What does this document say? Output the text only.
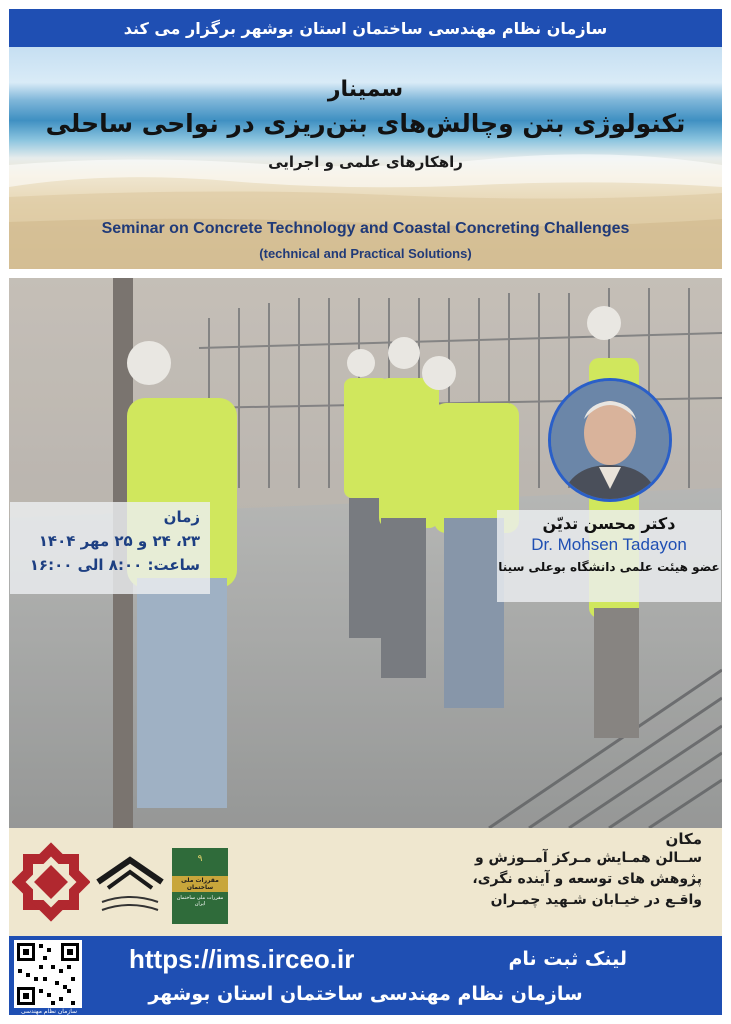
سازمان نظام مهندسی ساختمان استان بوشهر برگزار می کند
سمینار
تکنولوژی بتن وچالش‌های بتن‌ریزی در نواحی ساحلی
راهکارهای علمی و اجرایی
Seminar on Concrete Technology and Coastal Concreting Challenges
(technical and Practical Solutions)
زمان
۲۳، ۲۴ و ۲۵ مهر ۱۴۰۴
ساعت: ۸:۰۰ الی ۱۶:۰۰
دکتر محسن تدیّن
Dr. Mohsen Tadayon
عضو هیئت علمی دانشگاه بوعلی سینا
۹
مقررات ملی ساختمان
مقررات ملی ساختمان ایران
مکان
ســالن همـایش مـرکز آمــوزش و
پژوهش های توسعه و آینده نگری،
واقـع در خیـابان شـهید چمـران
سازمان نظام مهندسی ساختمان
https://ims.irceo.ir	لینک ثبت نام
سازمان نظام مهندسی ساختمان استان بوشهر
